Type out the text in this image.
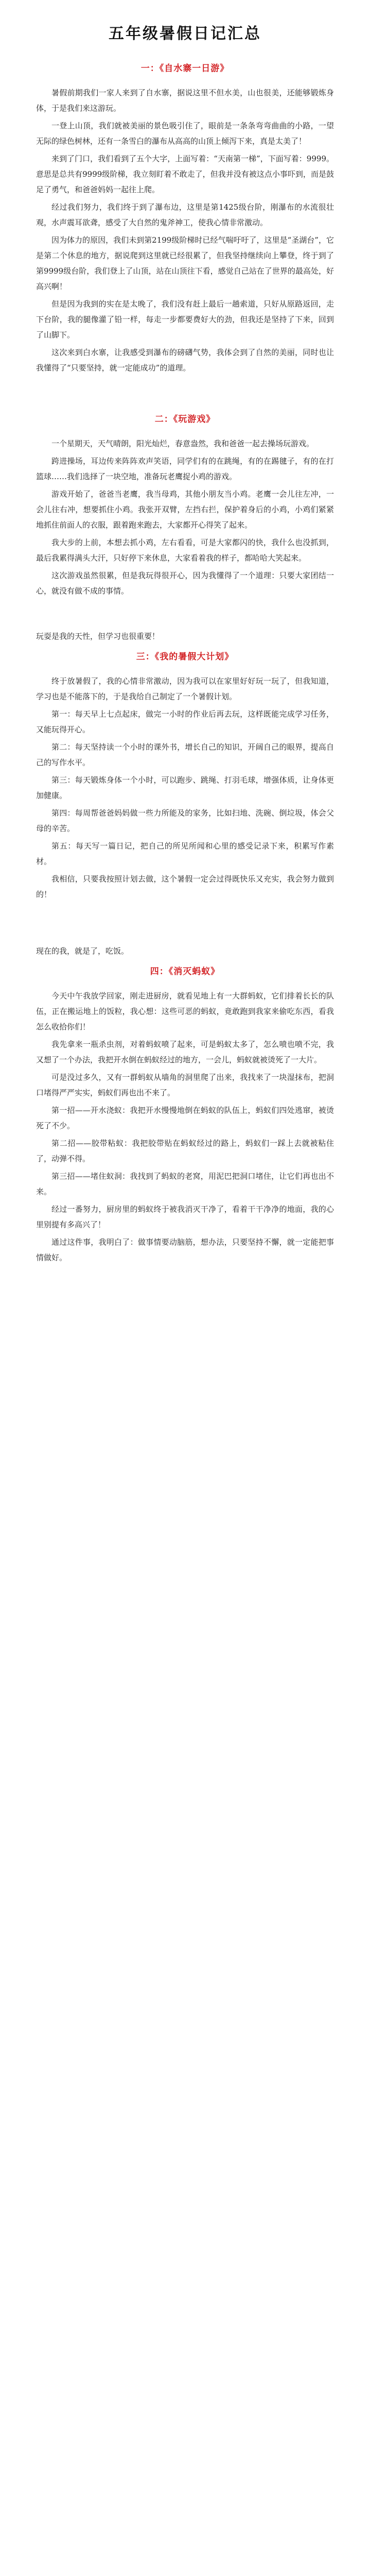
五年级暑假日记汇总
一：《自水寨一日游》

暑假前期我们一家人来到了自水寨，据说这里不但水美，山也很美，还能够锻炼身体，于是我们来这游玩。

一登上山顶，我们就被美丽的景色吸引住了，眼前是一条条弯弯曲曲的小路，一望无际的绿色树林，还有一条雪白的瀑布从高高的山顶上倾泻下来，真是太美了！

来到了门口，我们看到了五个大字，上面写着：“天南第一梯”，下面写着：9999。意思是总共有9999级阶梯，我立刻盯着不敢走了，但我并没有被这点小事吓到，而是鼓足了勇气，和爸爸妈妈一起往上爬。

经过我们努力，我们终于到了瀑布边，这里是第1425级台阶，刚瀑布的水流很壮观，水声震耳欲聋，感受了大自然的鬼斧神工，使我心情非常激动。

因为体力的原因，我们未到第2199级阶梯时已经气喘吁吁了，这里是“圣湖台”，它是第二个休息的地方，据说爬到这里就已经很累了，但我坚持继续向上攀登，终于到了第9999级台阶，我们登上了山顶，站在山顶往下看，感觉自己站在了世界的最高处，好高兴啊！

但是因为我到的实在是太晚了，我们没有赶上最后一趟索道，只好从原路返回，走下台阶，我的腿像灌了铅一样，每走一步都要费好大的劲，但我还是坚持了下来，回到了山脚下。

这次来到白水寨，让我感受到瀑布的磅礴气势，我体会到了自然的美丽，同时也让我懂得了“只要坚持，就一定能成功”的道理。

二：《玩游戏》

一个星期天，天气晴朗，阳光灿烂，春意盎然，我和爸爸一起去操场玩游戏。

跨进操场，耳边传来阵阵欢声笑语，同学们有的在跳绳，有的在踢毽子，有的在打篮球……我们选择了一块空地，准备玩老鹰捉小鸡的游戏。

游戏开始了，爸爸当老鹰，我当母鸡，其他小朋友当小鸡。老鹰一会儿往左冲，一会儿往右冲，想要抓住小鸡。我张开双臂，左挡右拦，保护着身后的小鸡，小鸡们紧紧地抓住前面人的衣服，跟着跑来跑去，大家都开心得笑了起来。

我大步的上前，本想去抓小鸡，左右看看，可是大家都闪的快，我什么也没抓到，最后我累得满头大汗，只好停下来休息，大家看着我的样子，都哈哈大笑起来。

这次游戏虽然很累，但是我玩得很开心，因为我懂得了一个道理：只要大家团结一心，就没有做不成的事情。

玩耍是我的天性，但学习也很重要！

三：《我的暑假大计划》

终于放暑假了，我的心情非常激动，因为我可以在家里好好玩一玩了，但我知道，学习也是不能落下的，于是我给自己制定了一个暑假计划。

第一：每天早上七点起床，做完一小时的作业后再去玩，这样既能完成学习任务，又能玩得开心。

第二：每天坚持读一个小时的课外书，增长自己的知识，开阔自己的眼界，提高自己的写作水平。

第三：每天锻炼身体一个小时，可以跑步、跳绳、打羽毛球，增强体质，让身体更加健康。

第四：每周帮爸爸妈妈做一些力所能及的家务，比如扫地、洗碗、倒垃圾，体会父母的辛苦。

第五：每天写一篇日记，把自己的所见所闻和心里的感受记录下来，积累写作素材。

我相信，只要我按照计划去做，这个暑假一定会过得既快乐又充实，我会努力做到的！

现在的我，就是了，吃饭。

四：《消灭蚂蚁》

今天中午我放学回家，刚走进厨房，就看见地上有一大群蚂蚁，它们排着长长的队伍，正在搬运地上的饭粒，我心想：这些可恶的蚂蚁，竟敢跑到我家来偷吃东西，看我怎么收拾你们！

我先拿来一瓶杀虫剂，对着蚂蚁喷了起来，可是蚂蚁太多了，怎么喷也喷不完，我又想了一个办法，我把开水倒在蚂蚁经过的地方，一会儿，蚂蚁就被烫死了一大片。

可是没过多久，又有一群蚂蚁从墙角的洞里爬了出来，我找来了一块湿抹布，把洞口堵得严严实实，蚂蚁们再也出不来了。

第一招——开水浇蚁：我把开水慢慢地倒在蚂蚁的队伍上，蚂蚁们四处逃窜，被烫死了不少。

第二招——胶带粘蚁：我把胶带贴在蚂蚁经过的路上，蚂蚁们一踩上去就被粘住了，动弹不得。

第三招——堵住蚁洞：我找到了蚂蚁的老窝，用泥巴把洞口堵住，让它们再也出不来。

经过一番努力，厨房里的蚂蚁终于被我消灭干净了，看着干干净净的地面，我的心里别提有多高兴了！

通过这件事，我明白了：做事情要动脑筋，想办法，只要坚持不懈，就一定能把事情做好。
